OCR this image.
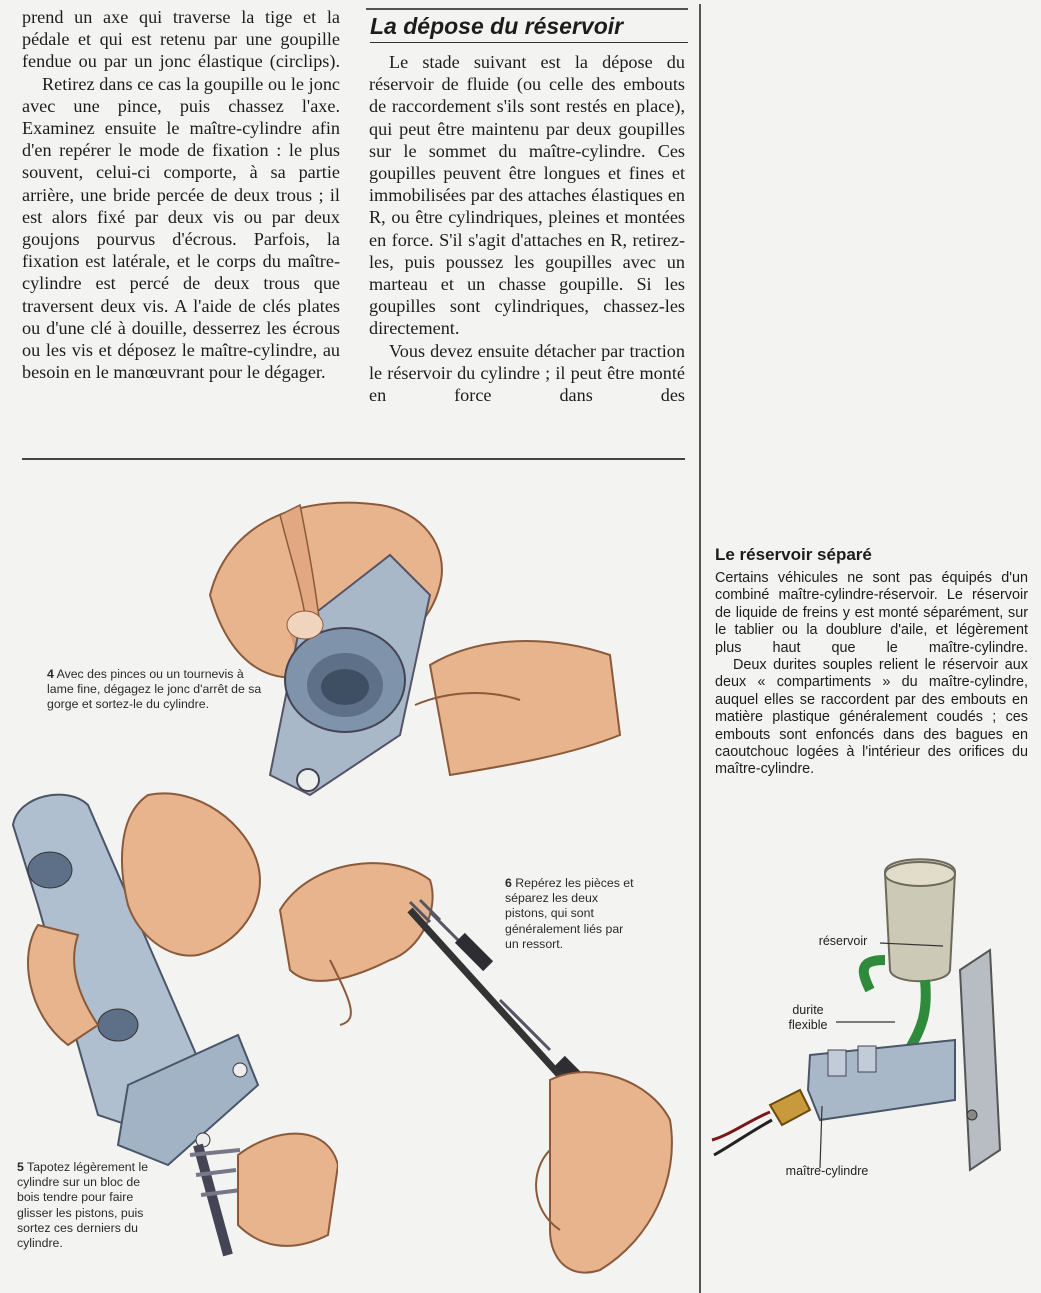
prend un axe qui traverse la tige et la pédale et qui est retenu par une goupille fendue ou par un jonc élastique (circlips).

Retirez dans ce cas la goupille ou le jonc avec une pince, puis chassez l'axe. Examinez ensuite le maître-cylindre afin d'en repérer le mode de fixation : le plus souvent, celui-ci comporte, à sa partie arrière, une bride percée de deux trous ; il est alors fixé par deux vis ou par deux goujons pourvus d'écrous. Parfois, la fixation est latérale, et le corps du maître-cylindre est percé de deux trous que traversent deux vis. A l'aide de clés plates ou d'une clé à douille, desserrez les écrous ou les vis et déposez le maître-cylindre, au besoin en le manœuvrant pour le dégager.

La dépose du réservoir

Le stade suivant est la dépose du réservoir de fluide (ou celle des embouts de raccordement s'ils sont restés en place), qui peut être maintenu par deux goupilles sur le sommet du maître-cylindre. Ces goupilles peuvent être longues et fines et immobilisées par des attaches élastiques en R, ou être cylindriques, pleines et montées en force. S'il s'agit d'attaches en R, retirez-les, puis poussez les goupilles avec un marteau et un chasse goupille. Si les goupilles sont cylindriques, chassez-les directement.

Vous devez ensuite détacher par traction le réservoir du cylindre ; il peut être monté en force dans des

Le réservoir séparé

Certains véhicules ne sont pas équipés d'un combiné maître-cylindre-réservoir. Le réservoir de liquide de freins y est monté séparément, sur le tablier ou la doublure d'aile, et légèrement plus haut que le maître-cylindre.

Deux durites souples relient le réservoir aux deux « compartiments » du maître-cylindre, auquel elles se raccordent par des embouts en matière plastique généralement coudés ; ces embouts sont enfoncés dans des bagues en caoutchouc logées à l'intérieur des orifices du maître-cylindre.

4 Avec des pinces ou un tournevis à lame fine, dégagez le jonc d'arrêt de sa gorge et sortez-le du cylindre.
5 Tapotez légèrement le cylindre sur un bloc de bois tendre pour faire glisser les pistons, puis sortez ces derniers du cylindre.
6 Repérez les pièces et séparez les deux pistons, qui sont généralement liés par un ressort.	réservoir
durite flexible
maître-cylindre
